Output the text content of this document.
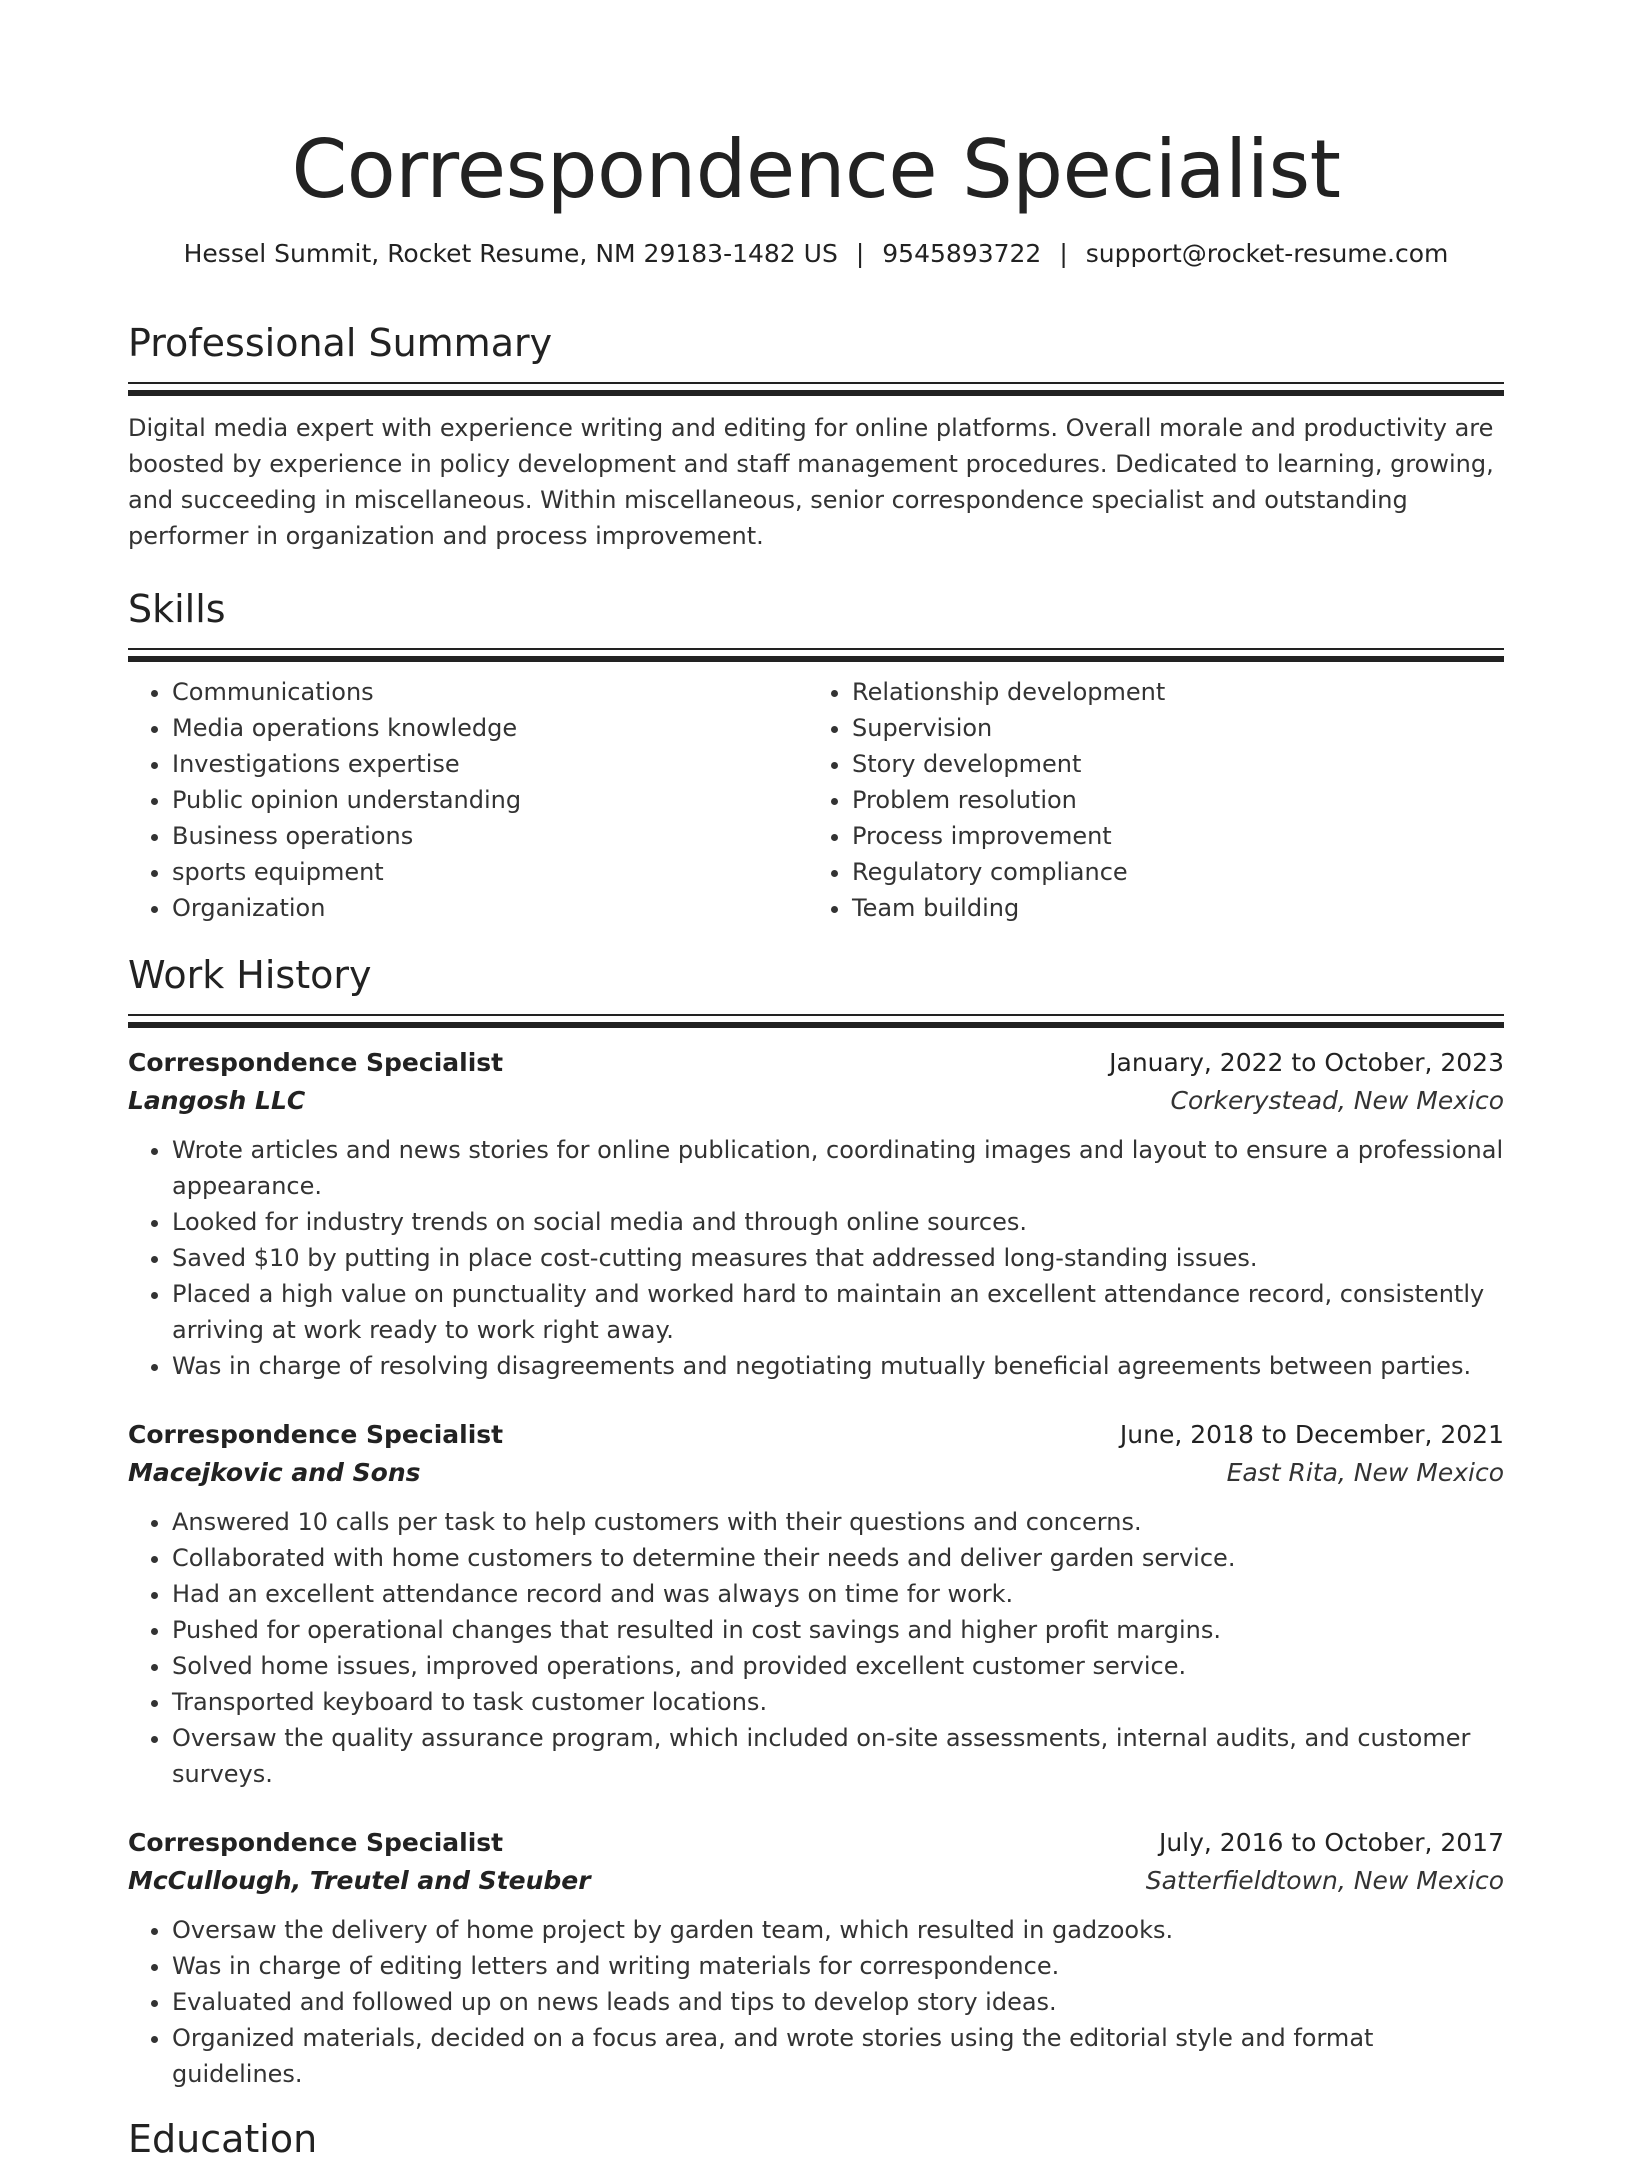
Correspondence Specialist
Hessel Summit, Rocket Resume, NM 29183-1482 US | 9545893722 | support@rocket-resume.com
Professional Summary

Digital media expert with experience writing and editing for online platforms. Overall morale and productivity are boosted by experience in policy development and staff management procedures. Dedicated to learning, growing, and succeeding in miscellaneous. Within miscellaneous, senior correspondence specialist and outstanding performer in organization and process improvement.

Skills
• Communications
• Media operations knowledge
• Investigations expertise
• Public opinion understanding
• Business operations
• sports equipment
• Organization
• Relationship development
• Supervision
• Story development
• Problem resolution
• Process improvement
• Regulatory compliance
• Team building
Work History
Correspondence Specialist	January, 2022 to October, 2023
Langosh LLC	Corkerystead, New Mexico
• Wrote articles and news stories for online publication, coordinating images and layout to ensure a professional appearance.
• Looked for industry trends on social media and through online sources.
• Saved $10 by putting in place cost-cutting measures that addressed long-standing issues.
• Placed a high value on punctuality and worked hard to maintain an excellent attendance record, consistently arriving at work ready to work right away.
• Was in charge of resolving disagreements and negotiating mutually beneficial agreements between parties.
Correspondence Specialist	June, 2018 to December, 2021
Macejkovic and Sons	East Rita, New Mexico
• Answered 10 calls per task to help customers with their questions and concerns.
• Collaborated with home customers to determine their needs and deliver garden service.
• Had an excellent attendance record and was always on time for work.
• Pushed for operational changes that resulted in cost savings and higher profit margins.
• Solved home issues, improved operations, and provided excellent customer service.
• Transported keyboard to task customer locations.
• Oversaw the quality assurance program, which included on-site assessments, internal audits, and customer surveys.
Correspondence Specialist	July, 2016 to October, 2017
McCullough, Treutel and Steuber	Satterfieldtown, New Mexico
• Oversaw the delivery of home project by garden team, which resulted in gadzooks.
• Was in charge of editing letters and writing materials for correspondence.
• Evaluated and followed up on news leads and tips to develop story ideas.
• Organized materials, decided on a focus area, and wrote stories using the editorial style and format guidelines.
Education
